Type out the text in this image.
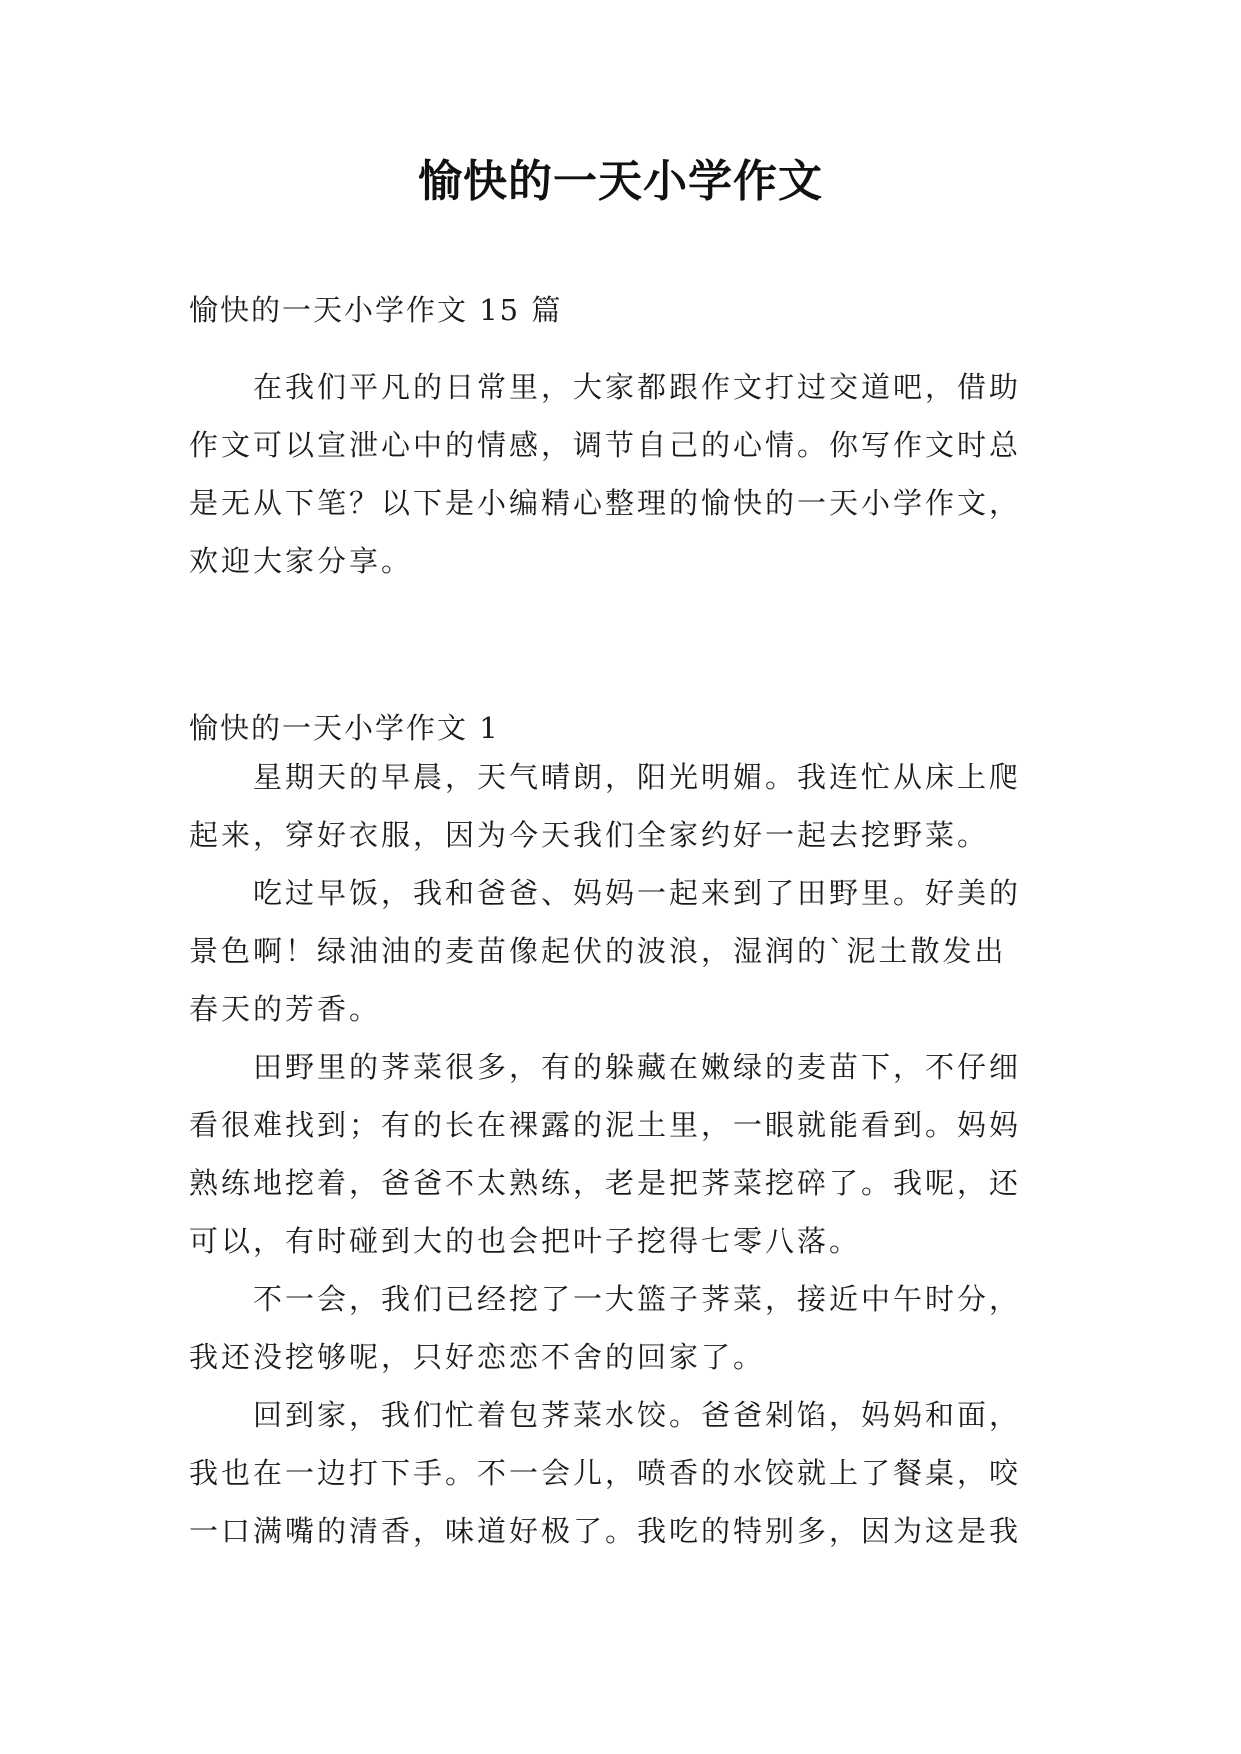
愉快的一天小学作文
愉快的一天小学作文 15 篇
在我们平凡的日常里，大家都跟作文打过交道吧，借助
作文可以宣泄心中的情感，调节自己的心情。你写作文时总
是无从下笔？以下是小编精心整理的愉快的一天小学作文，
欢迎大家分享。
愉快的一天小学作文 1
星期天的早晨，天气晴朗，阳光明媚。我连忙从床上爬
起来，穿好衣服，因为今天我们全家约好一起去挖野菜。
吃过早饭，我和爸爸、妈妈一起来到了田野里。好美的
景色啊！绿油油的麦苗像起伏的波浪，湿润的`泥土散发出
春天的芳香。
田野里的荠菜很多，有的躲藏在嫩绿的麦苗下，不仔细
看很难找到；有的长在裸露的泥土里，一眼就能看到。妈妈
熟练地挖着，爸爸不太熟练，老是把荠菜挖碎了。我呢，还
可以，有时碰到大的也会把叶子挖得七零八落。
不一会，我们已经挖了一大篮子荠菜，接近中午时分，
我还没挖够呢，只好恋恋不舍的回家了。
回到家，我们忙着包荠菜水饺。爸爸剁馅，妈妈和面，
我也在一边打下手。不一会儿，喷香的水饺就上了餐桌，咬
一口满嘴的清香，味道好极了。我吃的特别多，因为这是我
